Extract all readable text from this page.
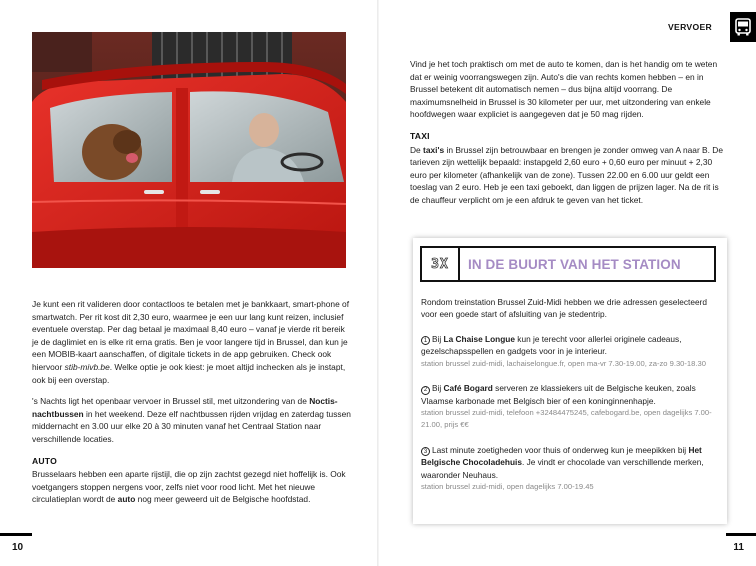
Je kunt een rit valideren door contactloos te betalen met je bankkaart, smart-phone of smartwatch. Per rit kost dit 2,30 euro, waarmee je een uur lang kunt reizen, inclusief eventuele overstap. Per dag betaal je maximaal 8,40 euro – vanaf je vierde rit bereik je de daglimiet en is elke rit erna gratis. Ben je voor langere tijd in Brussel, dan kun je een MOBIB-kaart aanschaffen, of digitale tickets in de app gebruiken. Check ook hiervoor stib-mivb.be. Welke optie je ook kiest: je moet altijd inchecken als je instapt, ook bij een overstap.

's Nachts ligt het openbaar vervoer in Brussel stil, met uitzondering van de Noctis-nachtbussen in het weekend. Deze elf nachtbussen rijden vrijdag en zaterdag tussen middernacht en 3.00 uur elke 20 à 30 minuten vanaf het Centraal Station naar verschillende locaties.

AUTO

Brusselaars hebben een aparte rijstijl, die op zijn zachtst gezegd niet hoffelijk is. Ook voetgangers stoppen nergens voor, zelfs niet voor rood licht. Met het nieuwe circulatieplan wordt de auto nog meer geweerd uit de Belgische hoofdstad.

Vind je het toch praktisch om met de auto te komen, dan is het handig om te weten dat er weinig voorrangswegen zijn. Auto's die van rechts komen hebben – en in Brussel betekent dit automatisch nemen – dus bijna altijd voorrang. De maximumsnelheid in Brussel is 30 kilometer per uur, met uitzondering van enkele hoofdwegen waar expliciet is aangegeven dat je 50 mag rijden.

TAXI

De taxi's in Brussel zijn betrouwbaar en brengen je zonder omweg van A naar B. De tarieven zijn wettelijk bepaald: instapgeld 2,60 euro + 0,60 euro per minuut + 2,30 euro per kilometer (afhankelijk van de zone). Tussen 22.00 en 6.00 uur geldt een toeslag van 2 euro. Heb je een taxi geboekt, dan liggen de prijzen lager. Na de rit is de chauffeur verplicht om je een afdruk te geven van het ticket.

VERVOER
3X	IN DE BUURT VAN HET STATION

Rondom treinstation Brussel Zuid-Midi hebben we drie adressen geselecteerd voor een goede start of afsluiting van je stedentrip.

1 Bij La Chaise Longue kun je terecht voor allerlei originele cadeaus, gezelschapsspellen en gadgets voor in je interieur.
station brussel zuid-midi, lachaiselongue.fr, open ma-vr 7.30-19.00, za-zo 9.30-18.30
2 Bij Café Bogard serveren ze klassiekers uit de Belgische keuken, zoals Vlaamse karbonade met Belgisch bier of een koninginnenhapje.
station brussel zuid-midi, telefoon +32484475245, cafebogard.be, open dagelijks 7.00-21.00, prijs €€
3 Last minute zoetigheden voor thuis of onderweg kun je meepikken bij Het Belgische Chocoladehuis. Je vindt er chocolade van verschillende merken, waaronder Neuhaus.
station brussel zuid-midi, open dagelijks 7.00-19.45
10	11
